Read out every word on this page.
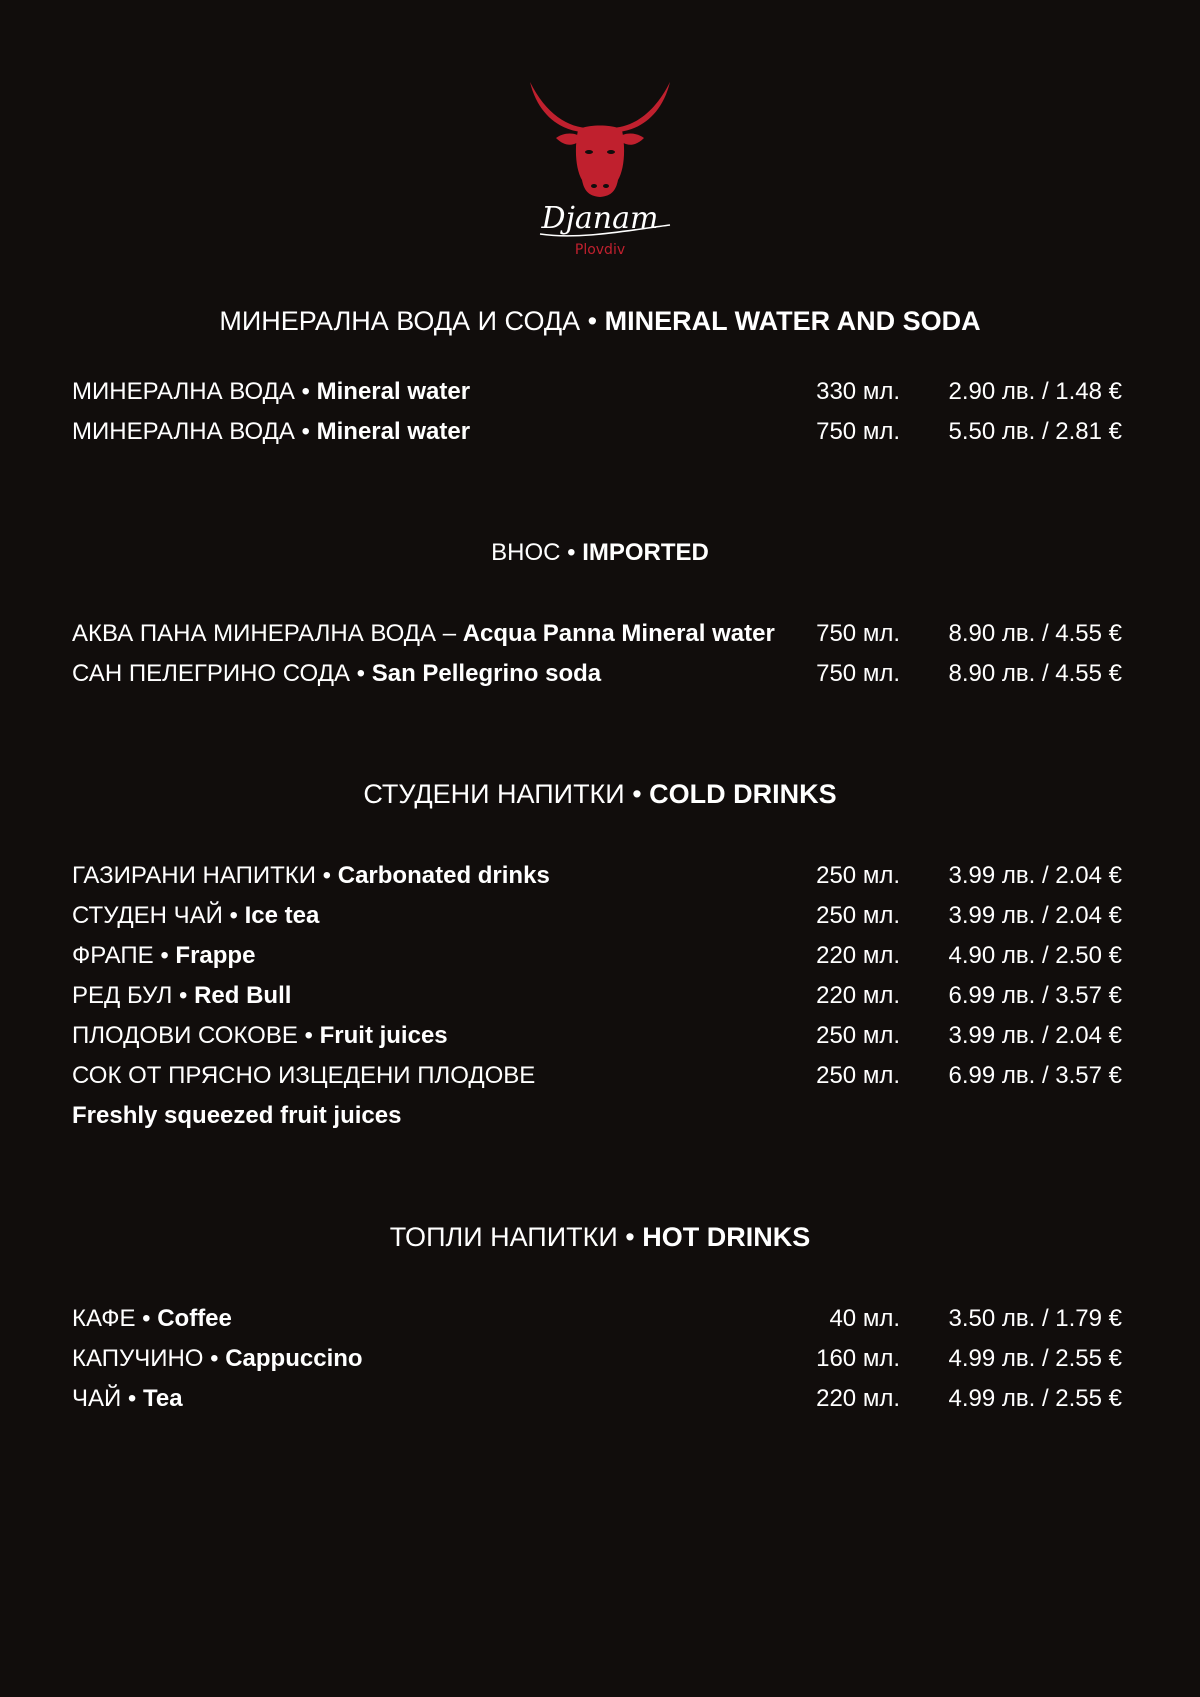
Djanam
Plovdiv
МИНЕРАЛНА ВОДА И СОДА • MINERAL WATER AND SODA
МИНЕРАЛНА ВОДА • Mineral water	330 мл. 2.90 лв. / 1.48 €
МИНЕРАЛНА ВОДА • Mineral water	750 мл. 5.50 лв. / 2.81 €
ВНОС • IMPORTED
АКВА ПАНА МИНЕРАЛНА ВОДА – Acqua Panna Mineral water 750 мл. 8.90 лв. / 4.55 €
САН ПЕЛЕГРИНО СОДА • San Pellegrino soda	750 мл. 8.90 лв. / 4.55 €
СТУДЕНИ НАПИТКИ • COLD DRINKS
ГАЗИРАНИ НАПИТКИ • Carbonated drinks	250 мл. 3.99 лв. / 2.04 €
СТУДЕН ЧАЙ • Ice tea	250 мл. 3.99 лв. / 2.04 €
ФРАПЕ • Frappe	220 мл. 4.90 лв. / 2.50 €
РЕД БУЛ • Red Bull	220 мл. 6.99 лв. / 3.57 €
ПЛОДОВИ СОКОВЕ • Fruit juices	250 мл. 3.99 лв. / 2.04 €
СОК ОТ ПРЯСНО ИЗЦЕДЕНИ ПЛОДОВЕ	250 мл. 6.99 лв. / 3.57 €
Freshly squeezed fruit juices
ТОПЛИ НАПИТКИ • HOT DRINKS
КАФЕ • Coffee	40 мл. 3.50 лв. / 1.79 €
КАПУЧИНО • Cappuccino	160 мл. 4.99 лв. / 2.55 €
ЧАЙ • Tea	220 мл. 4.99 лв. / 2.55 €
